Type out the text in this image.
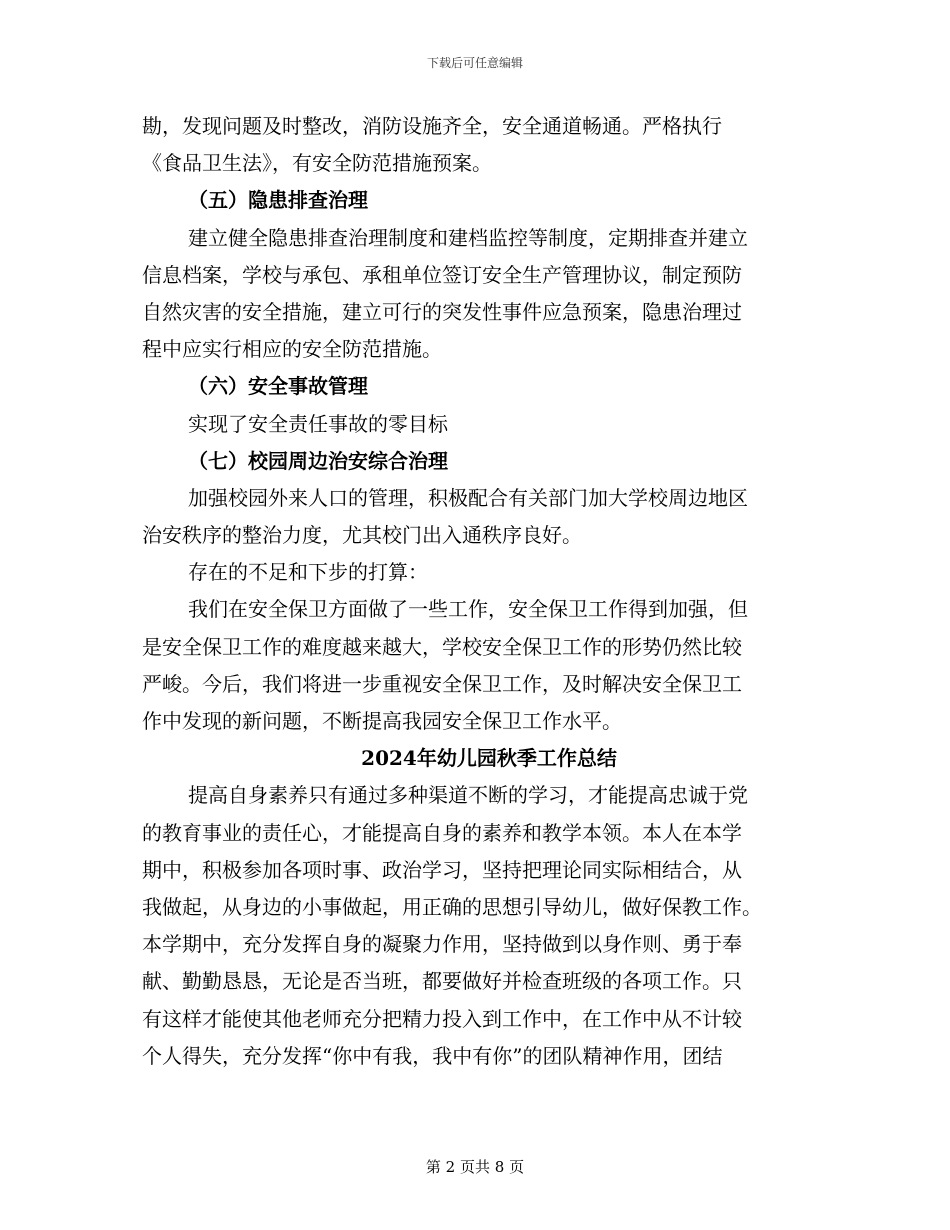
下载后可任意编辑
勘，发现问题及时整改，消防设施齐全，安全通道畅通。严格执行
《食品卫生法》，有安全防范措施预案。
（五）隐患排查治理
建立健全隐患排查治理制度和建档监控等制度，定期排查并建立
信息档案，学校与承包、承租单位签订安全生产管理协议，制定预防
自然灾害的安全措施，建立可行的突发性事件应急预案，隐患治理过
程中应实行相应的安全防范措施。
（六）安全事故管理
实现了安全责任事故的零目标
（七）校园周边治安综合治理
加强校园外来人口的管理，积极配合有关部门加大学校周边地区
治安秩序的整治力度，尤其校门出入通秩序良好。
存在的不足和下步的打算：
我们在安全保卫方面做了一些工作，安全保卫工作得到加强，但
是安全保卫工作的难度越来越大，学校安全保卫工作的形势仍然比较
严峻。今后，我们将进一步重视安全保卫工作，及时解决安全保卫工
作中发现的新问题，不断提高我园安全保卫工作水平。
2024年幼儿园秋季工作总结
提高自身素养只有通过多种渠道不断的学习，才能提高忠诚于党
的教育事业的责任心，才能提高自身的素养和教学本领。本人在本学
期中，积极参加各项时事、政治学习，坚持把理论同实际相结合，从
我做起，从身边的小事做起，用正确的思想引导幼儿，做好保教工作。
本学期中，充分发挥自身的凝聚力作用，坚持做到以身作则、勇于奉
献、勤勤恳恳，无论是否当班，都要做好并检查班级的各项工作。只
有这样才能使其他老师充分把精力投入到工作中，在工作中从不计较
个人得失，充分发挥“你中有我，我中有你”的团队精神作用，团结
第 2 页共 8 页
